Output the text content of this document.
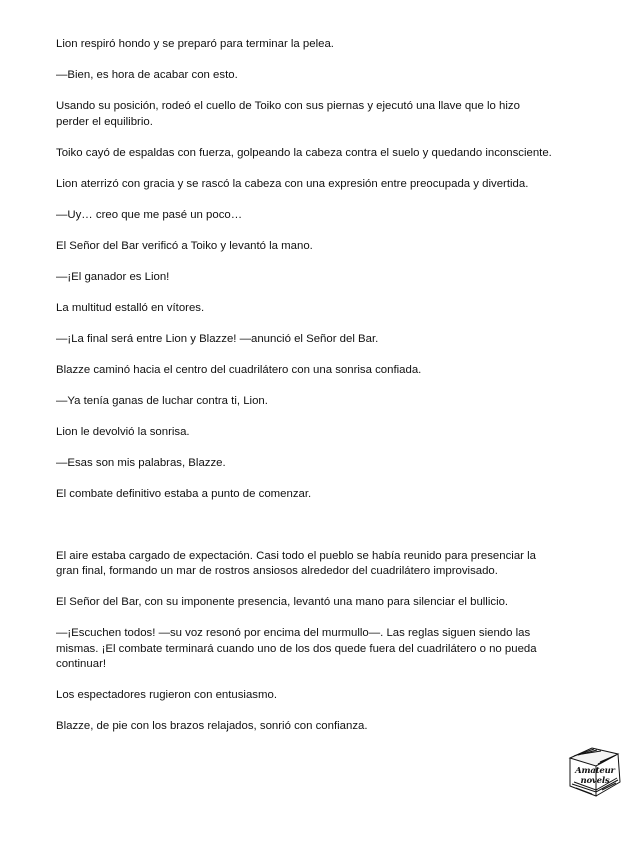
Lion respiró hondo y se preparó para terminar la pelea.

—Bien, es hora de acabar con esto.

Usando su posición, rodeó el cuello de Toiko con sus piernas y ejecutó una llave que lo hizo perder el equilibrio.

Toiko cayó de espaldas con fuerza, golpeando la cabeza contra el suelo y quedando inconsciente.

Lion aterrizó con gracia y se rascó la cabeza con una expresión entre preocupada y divertida.

—Uy… creo que me pasé un poco…

El Señor del Bar verificó a Toiko y levantó la mano.

—¡El ganador es Lion!

La multitud estalló en vítores.

—¡La final será entre Lion y Blazze! —anunció el Señor del Bar.

Blazze caminó hacia el centro del cuadrilátero con una sonrisa confiada.

—Ya tenía ganas de luchar contra ti, Lion.

Lion le devolvió la sonrisa.

—Esas son mis palabras, Blazze.

El combate definitivo estaba a punto de comenzar.

El aire estaba cargado de expectación. Casi todo el pueblo se había reunido para presenciar la gran final, formando un mar de rostros ansiosos alrededor del cuadrilátero improvisado.

El Señor del Bar, con su imponente presencia, levantó una mano para silenciar el bullicio.

—¡Escuchen todos! —su voz resonó por encima del murmullo—. Las reglas siguen siendo las mismas. ¡El combate terminará cuando uno de los dos quede fuera del cuadrilátero o no pueda continuar!

Los espectadores rugieron con entusiasmo.

Blazze, de pie con los brazos relajados, sonrió con confianza.

Amateur novels
